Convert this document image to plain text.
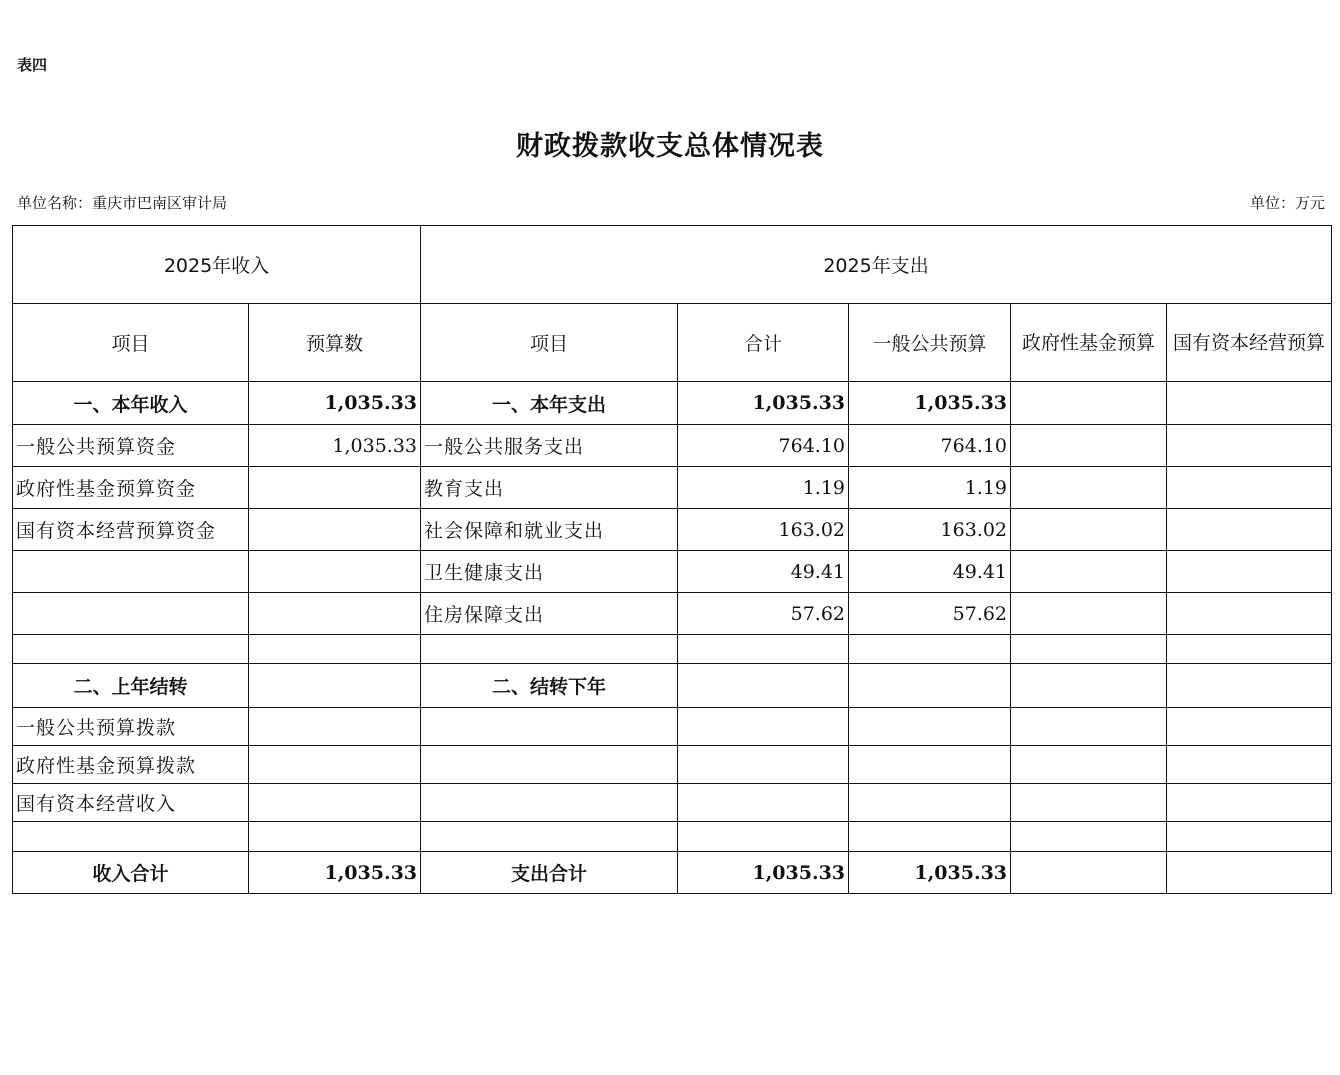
表四
财政拨款收支总体情况表
单位名称：重庆市巴南区审计局	单位：万元
2025年收入		2025年支出				
项目	预算数	项目	合计	一般公共预算	政府性基金预算	国有资本经营预算
一、本年收入	1,035.33	一、本年支出	1,035.33	1,035.33		
一般公共预算资金	1,035.33	一般公共服务支出	764.10	764.10		
政府性基金预算资金		教育支出	1.19	1.19		
国有资本经营预算资金		社会保障和就业支出	163.02	163.02		
		卫生健康支出	49.41	49.41		
		住房保障支出	57.62	57.62		

二、上年结转		二、结转下年				
一般公共预算拨款						
政府性基金预算拨款						
国有资本经营收入						

收入合计	1,035.33	支出合计	1,035.33	1,035.33		
